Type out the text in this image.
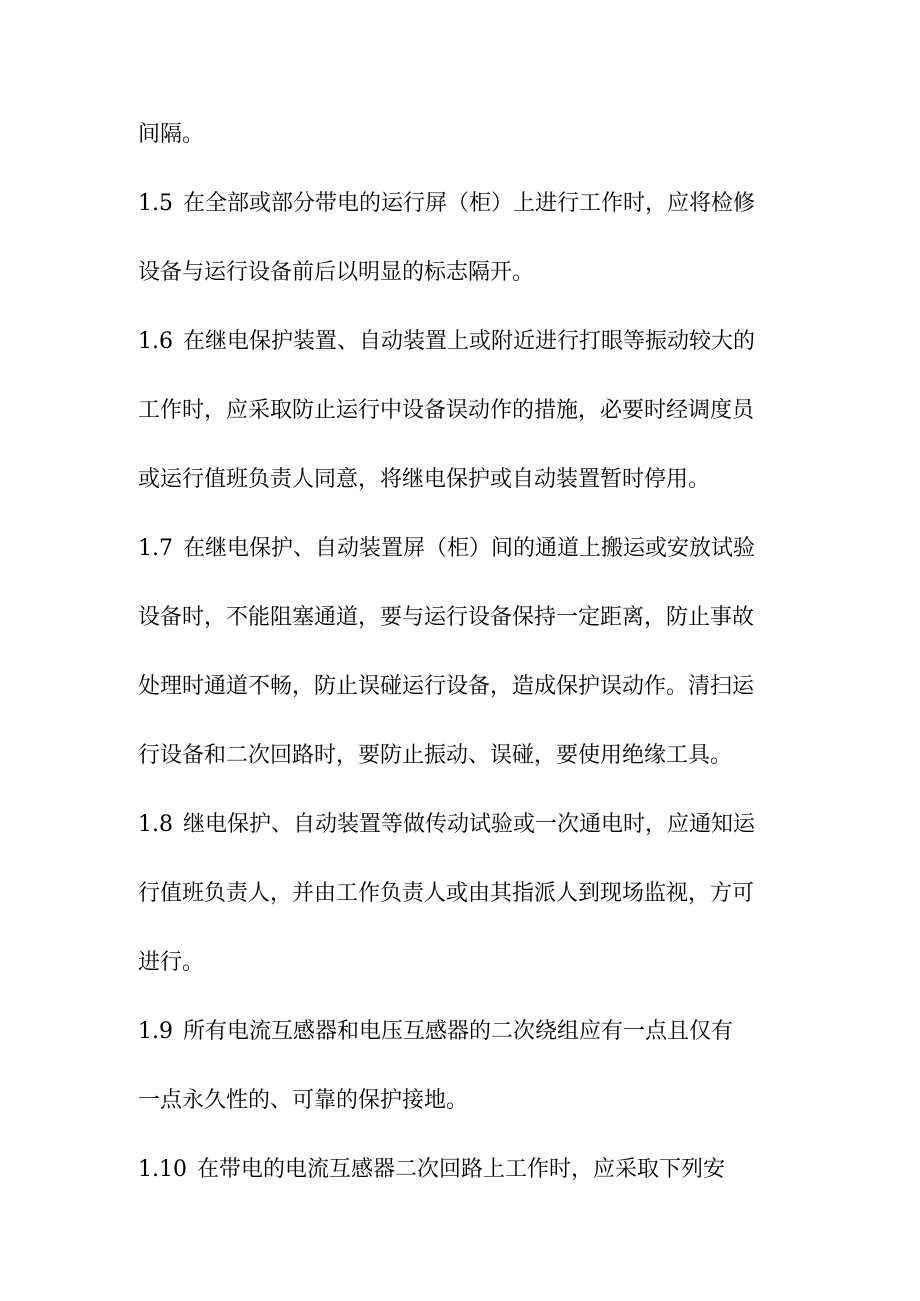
间隔。
1.5 在全部或部分带电的运行屏（柜）上进行工作时，应将检修
设备与运行设备前后以明显的标志隔开。
1.6 在继电保护装置、自动装置上或附近进行打眼等振动较大的
工作时，应采取防止运行中设备误动作的措施，必要时经调度员
或运行值班负责人同意，将继电保护或自动装置暂时停用。
1.7 在继电保护、自动装置屏（柜）间的通道上搬运或安放试验
设备时，不能阻塞通道，要与运行设备保持一定距离，防止事故
处理时通道不畅，防止误碰运行设备，造成保护误动作。清扫运
行设备和二次回路时，要防止振动、误碰，要使用绝缘工具。
1.8 继电保护、自动装置等做传动试验或一次通电时，应通知运
行值班负责人，并由工作负责人或由其指派人到现场监视，方可
进行。
1.9 所有电流互感器和电压互感器的二次绕组应有一点且仅有
一点永久性的、可靠的保护接地。
1.10 在带电的电流互感器二次回路上工作时，应采取下列安
